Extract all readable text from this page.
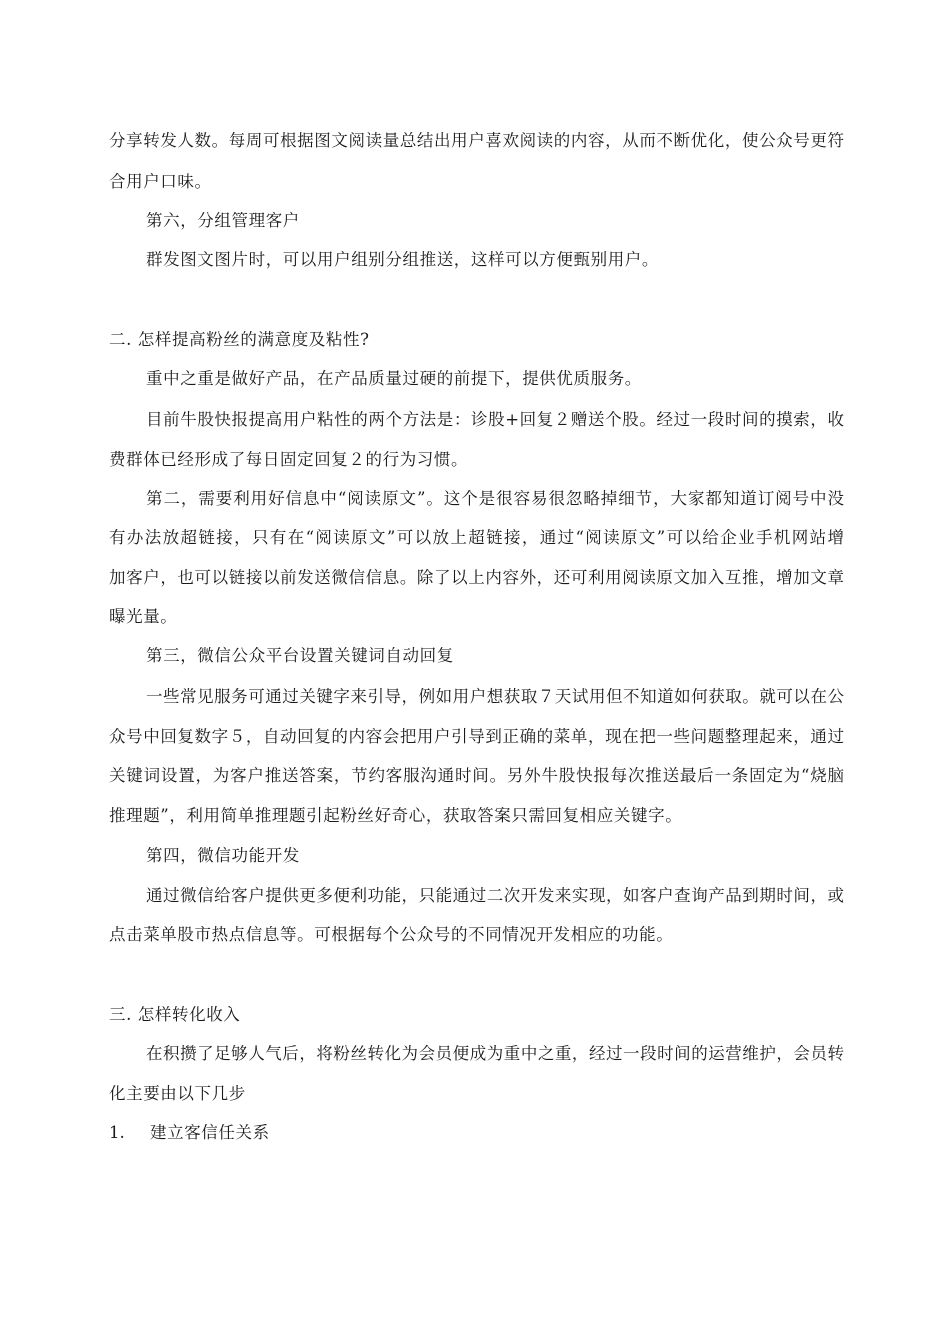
分享转发人数。每周可根据图文阅读量总结出用户喜欢阅读的内容，从而不断优化，使公众号更符
合用户口味。
第六，分组管理客户
群发图文图片时，可以用户组别分组推送，这样可以方便甄别用户。
二. 怎样提高粉丝的满意度及粘性?
重中之重是做好产品，在产品质量过硬的前提下，提供优质服务。
目前牛股快报提高用户粘性的两个方法是：诊股+回复２赠送个股。经过一段时间的摸索，收
费群体已经形成了每日固定回复２的行为习惯。
第二，需要利用好信息中“阅读原文”。这个是很容易很忽略掉细节，大家都知道订阅号中没
有办法放超链接，只有在“阅读原文”可以放上超链接，通过“阅读原文”可以给企业手机网站增
加客户，也可以链接以前发送微信信息。除了以上内容外，还可利用阅读原文加入互推，增加文章
曝光量。
第三，微信公众平台设置关键词自动回复
一些常见服务可通过关键字来引导，例如用户想获取７天试用但不知道如何获取。就可以在公
众号中回复数字５，自动回复的内容会把用户引导到正确的菜单，现在把一些问题整理起来，通过
关键词设置，为客户推送答案，节约客服沟通时间。另外牛股快报每次推送最后一条固定为“烧脑
推理题”，利用简单推理题引起粉丝好奇心，获取答案只需回复相应关键字。
第四，微信功能开发
通过微信给客户提供更多便利功能，只能通过二次开发来实现，如客户查询产品到期时间，或
点击菜单股市热点信息等。可根据每个公众号的不同情况开发相应的功能。
三. 怎样转化收入
在积攒了足够人气后，将粉丝转化为会员便成为重中之重，经过一段时间的运营维护，会员转
化主要由以下几步
1. 建立客信任关系
